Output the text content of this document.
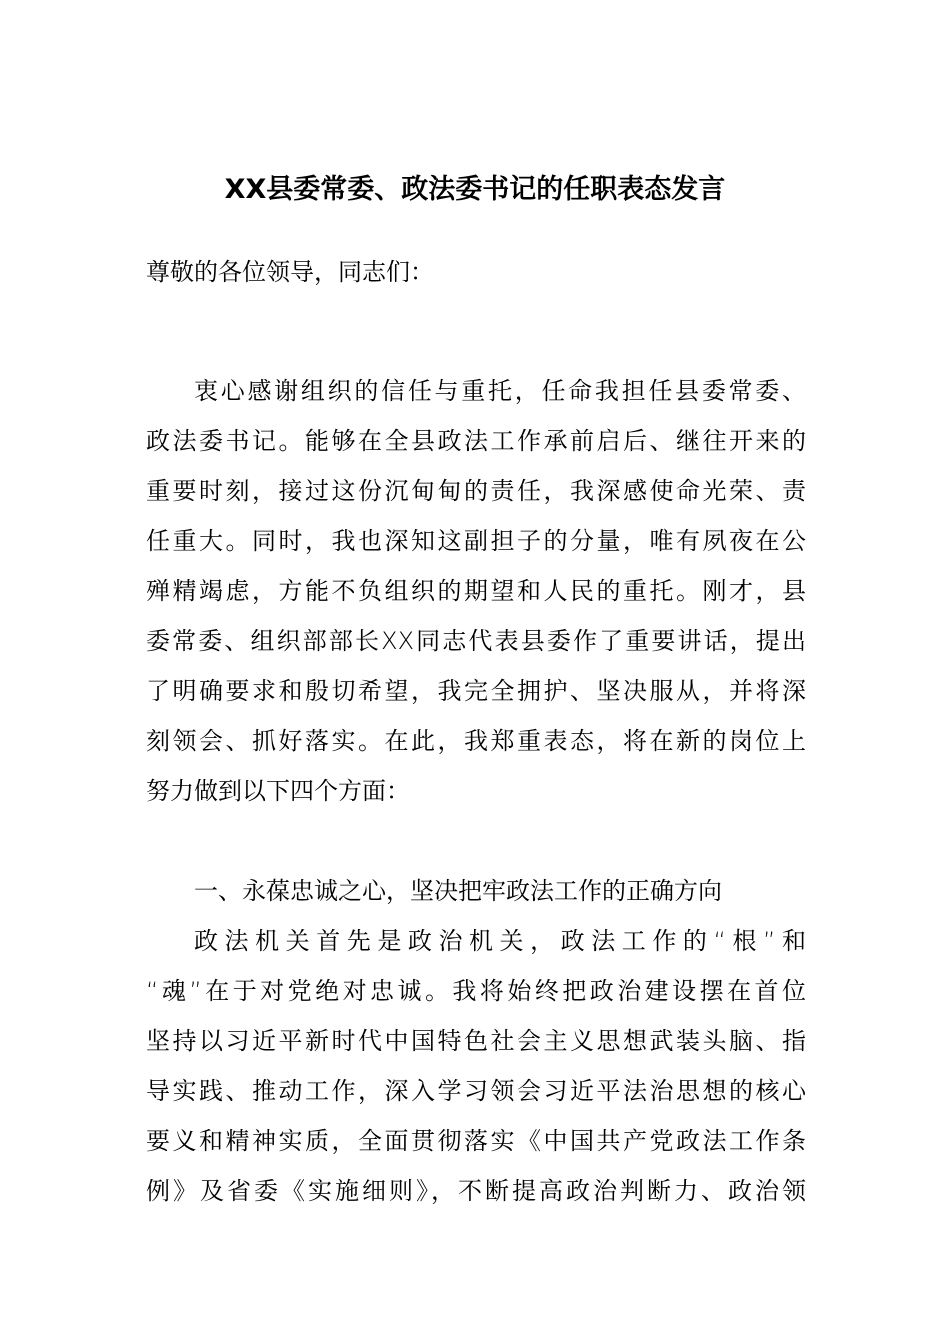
XX县委常委、政法委书记的任职表态发言
尊敬的各位领导，同志们：
衷心感谢组织的信任与重托，任命我担任县委常委、
政法委书记。能够在全县政法工作承前启后、继往开来的
重要时刻，接过这份沉甸甸的责任，我深感使命光荣、责
任重大。同时，我也深知这副担子的分量，唯有夙夜在公
殚精竭虑，方能不负组织的期望和人民的重托。刚才，县
委常委、组织部部长XX同志代表县委作了重要讲话，提出
了明确要求和殷切希望，我完全拥护、坚决服从，并将深
刻领会、抓好落实。在此，我郑重表态，将在新的岗位上
努力做到以下四个方面：
一、永葆忠诚之心，坚决把牢政法工作的正确方向
政法机关首先是政治机关，政法工作的“根”和
“魂”在于对党绝对忠诚。我将始终把政治建设摆在首位
坚持以习近平新时代中国特色社会主义思想武装头脑、指
导实践、推动工作，深入学习领会习近平法治思想的核心
要义和精神实质，全面贯彻落实《中国共产党政法工作条
例》及省委《实施细则》，不断提高政治判断力、政治领
